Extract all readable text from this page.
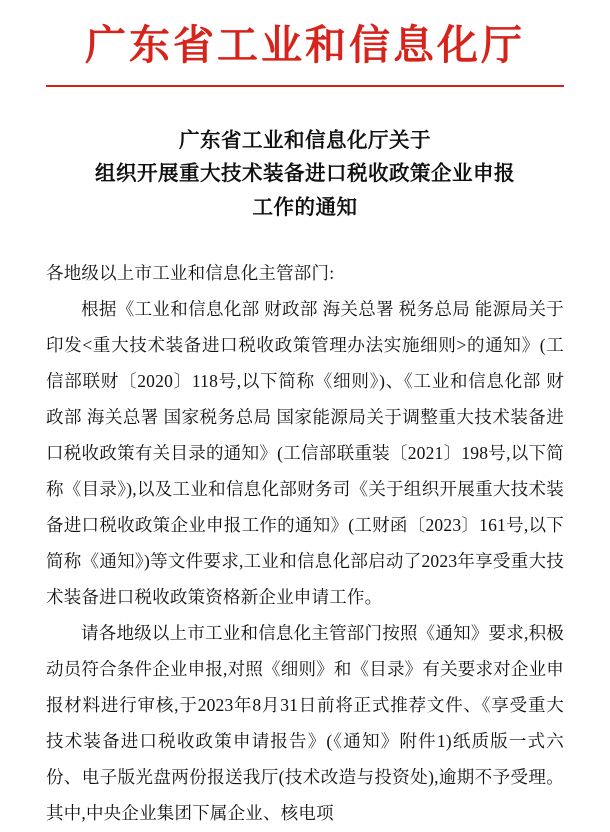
广东省工业和信息化厅
广东省工业和信息化厅关于
组织开展重大技术装备进口税收政策企业申报
工作的通知

各地级以上市工业和信息化主管部门:

根据《工业和信息化部 财政部 海关总署 税务总局 能源局关于印发<重大技术装备进口税收政策管理办法实施细则>的通知》(工信部联财〔2020〕118号,以下简称《细则》)、《工业和信息化部 财政部 海关总署 国家税务总局 国家能源局关于调整重大技术装备进口税收政策有关目录的通知》(工信部联重装〔2021〕198号,以下简称《目录》),以及工业和信息化部财务司《关于组织开展重大技术装备进口税收政策企业申报工作的通知》(工财函〔2023〕161号,以下简称《通知》)等文件要求,工业和信息化部启动了2023年享受重大技术装备进口税收政策资格新企业申请工作。

请各地级以上市工业和信息化主管部门按照《通知》要求,积极动员符合条件企业申报,对照《细则》和《目录》有关要求对企业申报材料进行审核,于2023年8月31日前将正式推荐文件、《享受重大技术装备进口税收政策申请报告》(《通知》附件1)纸质版一式六份、电子版光盘两份报送我厅(技术改造与投资处),逾期不予受理。其中,中央企业集团下属企业、核电项
